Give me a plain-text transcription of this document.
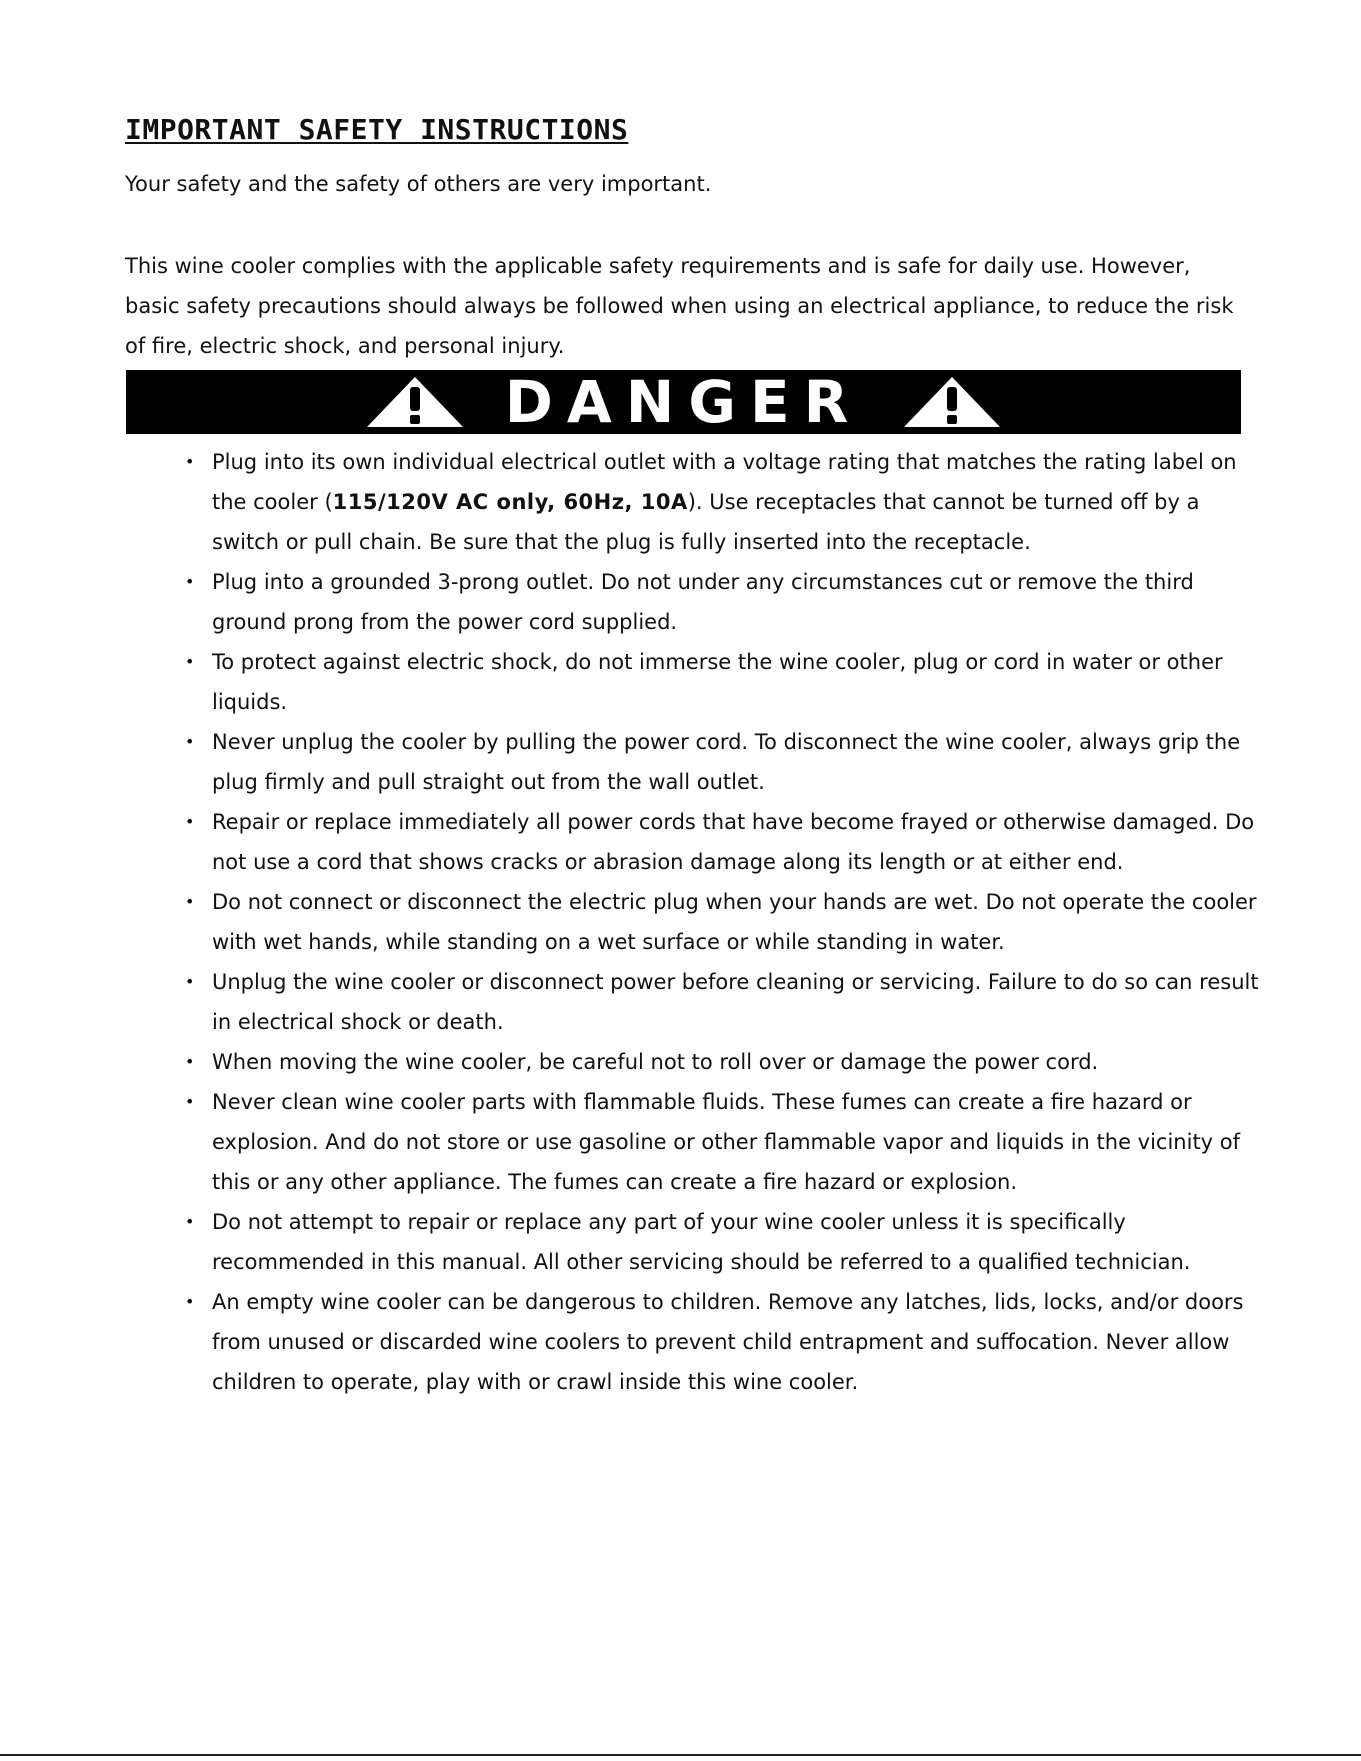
IMPORTANT SAFETY INSTRUCTIONS

Your safety and the safety of others are very important.

This wine cooler complies with the applicable safety requirements and is safe for daily use. However, basic safety precautions should always be followed when using an electrical appliance, to reduce the risk of fire, electric shock, and personal injury.

DANGER
• Plug into its own individual electrical outlet with a voltage rating that matches the rating label on the cooler (115/120V AC only, 60Hz, 10A). Use receptacles that cannot be turned off by a switch or pull chain. Be sure that the plug is fully inserted into the receptacle.
• Plug into a grounded 3-prong outlet. Do not under any circumstances cut or remove the third ground prong from the power cord supplied.
• To protect against electric shock, do not immerse the wine cooler, plug or cord in water or other liquids.
• Never unplug the cooler by pulling the power cord. To disconnect the wine cooler, always grip the plug firmly and pull straight out from the wall outlet.
• Repair or replace immediately all power cords that have become frayed or otherwise damaged. Do not use a cord that shows cracks or abrasion damage along its length or at either end.
• Do not connect or disconnect the electric plug when your hands are wet. Do not operate the cooler with wet hands, while standing on a wet surface or while standing in water.
• Unplug the wine cooler or disconnect power before cleaning or servicing. Failure to do so can result in electrical shock or death.
• When moving the wine cooler, be careful not to roll over or damage the power cord.
• Never clean wine cooler parts with flammable fluids. These fumes can create a fire hazard or explosion. And do not store or use gasoline or other flammable vapor and liquids in the vicinity of this or any other appliance. The fumes can create a fire hazard or explosion.
• Do not attempt to repair or replace any part of your wine cooler unless it is specifically recommended in this manual. All other servicing should be referred to a qualified technician.
• An empty wine cooler can be dangerous to children. Remove any latches, lids, locks, and/or doors from unused or discarded wine coolers to prevent child entrapment and suffocation. Never allow children to operate, play with or crawl inside this wine cooler.
